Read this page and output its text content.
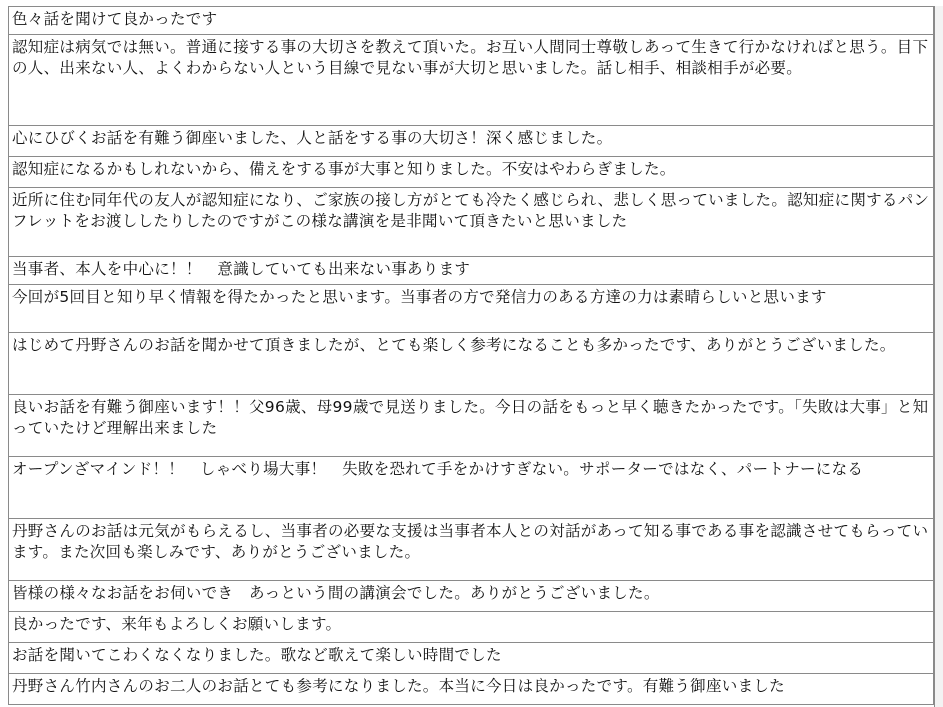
色々話を聞けて良かったです
認知症は病気では無い。普通に接する事の大切さを教えて頂いた。お互い人間同士尊敬しあって生きて行かなければと思う。目下の人、出来ない人、よくわからない人という目線で見ない事が大切と思いました。話し相手、相談相手が必要。
心にひびくお話を有難う御座いました、人と話をする事の大切さ！深く感じました。
認知症になるかもしれないから、備えをする事が大事と知りました。不安はやわらぎました。
近所に住む同年代の友人が認知症になり、ご家族の接し方がとても冷たく感じられ、悲しく思っていました。認知症に関するパンフレットをお渡ししたりしたのですがこの様な講演を是非聞いて頂きたいと思いました
当事者、本人を中心に！！　意識していても出来ない事あります
今回が5回目と知り早く情報を得たかったと思います。当事者の方で発信力のある方達の力は素晴らしいと思います
はじめて丹野さんのお話を聞かせて頂きましたが、とても楽しく参考になることも多かったです、ありがとうございました。
良いお話を有難う御座います！！父96歳、母99歳で見送りました。今日の話をもっと早く聴きたかったです。「失敗は大事」と知っていたけど理解出来ました
オープンざマインド！！　しゃべり場大事！　失敗を恐れて手をかけすぎない。サポーターではなく、パートナーになる
丹野さんのお話は元気がもらえるし、当事者の必要な支援は当事者本人との対話があって知る事である事を認識させてもらっています。また次回も楽しみです、ありがとうございました。
皆様の様々なお話をお伺いでき　あっという間の講演会でした。ありがとうございました。
良かったです、来年もよろしくお願いします。
お話を聞いてこわくなくなりました。歌など歌えて楽しい時間でした
丹野さん竹内さんのお二人のお話とても参考になりました。本当に今日は良かったです。有難う御座いました
